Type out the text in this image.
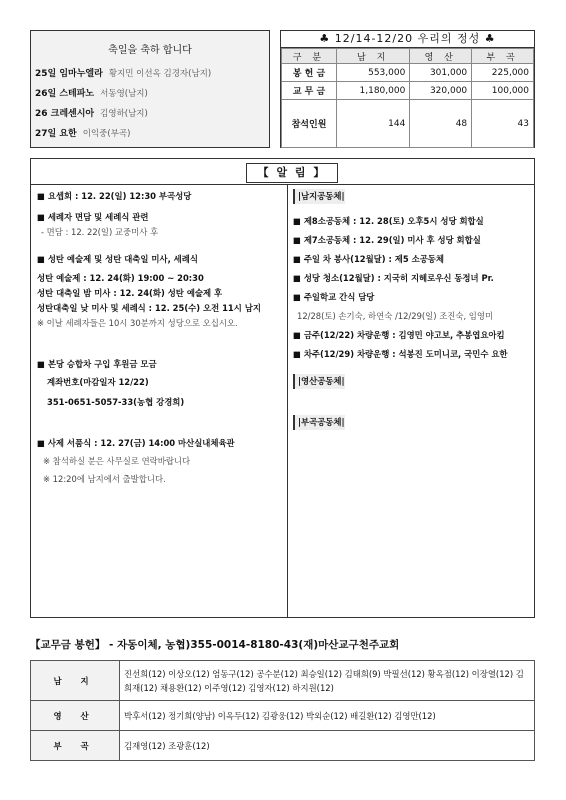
축일을 축하 합니다
25일 임마누엘라 황지민 이선옥 김경자(남지)
26일 스테파노 서동영(남지)
26 크레센시아 김영하(남지)
27일 요한 이익중(부곡)
♣ 12/14-12/20 우리의 정성 ♣
구 분	남 지	영 산	부 곡
봉 헌 금	553,000	301,000	225,000
교 무 금	1,180,000	320,000	100,000
참석인원	144	48	43
【 알 림 】
■ 요셉회 : 12. 22(일) 12:30 부곡성당
■ 세례자 면담 및 세례식 관련
- 면담 : 12. 22(일) 교중미사 후
■ 성탄 예술제 및 성탄 대축일 미사, 세례식
성탄 예술제 : 12. 24(화) 19:00 ~ 20:30
성탄 대축일 밤 미사 : 12. 24(화) 성탄 예술제 후
성탄대축일 낮 미사 및 세례식 : 12. 25(수) 오전 11시 남지
※ 이날 세례자들은 10시 30분까지 성당으로 오십시오.
■ 본당 승합차 구입 후원금 모금
계좌번호(마감일자 12/22)
351-0651-5057-33(농협 강경희)
■ 사제 서품식 : 12. 27(금) 14:00 마산실내체육관
※ 참석하실 분은 사무실로 연락바랍니다
※ 12:20에 남지에서 출발합니다.
|남지공동체|
■ 제8소공동체 : 12. 28(토) 오후5시 성당 회합실
■ 제7소공동체 : 12. 29(일) 미사 후 성당 회합실
■ 주일 차 봉사(12월달) : 제5 소공동체
■ 성당 청소(12월달) : 지국히 지헤로우신 동정녀 Pr.
■ 주일학교 간식 담당
12/28(토) 손기숙, 하연숙 /12/29(일) 조진숙, 임영미
■ 금주(12/22) 차량운행 : 김영민 야고보, 추봉엽요아킴
■ 차주(12/29) 차량운행 : 석봉진 도미니코, 국민수 요한
|영산공동체|
|부곡공동체|
【교무금 봉헌】 - 자동이체, 농협)355-0014-8180-43(재)마산교구천주교회
남 지	진선희(12) 이상오(12) 엄동구(12) 공수분(12) 최승일(12) 김태희(9) 박필선(12) 황옥점(12) 이장열(12) 김희재(12) 채용환(12) 이주영(12) 김영자(12) 하지원(12)
영 산	박후서(12) 정기희(양남) 이옥두(12) 김광웅(12) 박외순(12) 배길환(12) 김영만(12)
부 곡	김재영(12) 조광훈(12)
